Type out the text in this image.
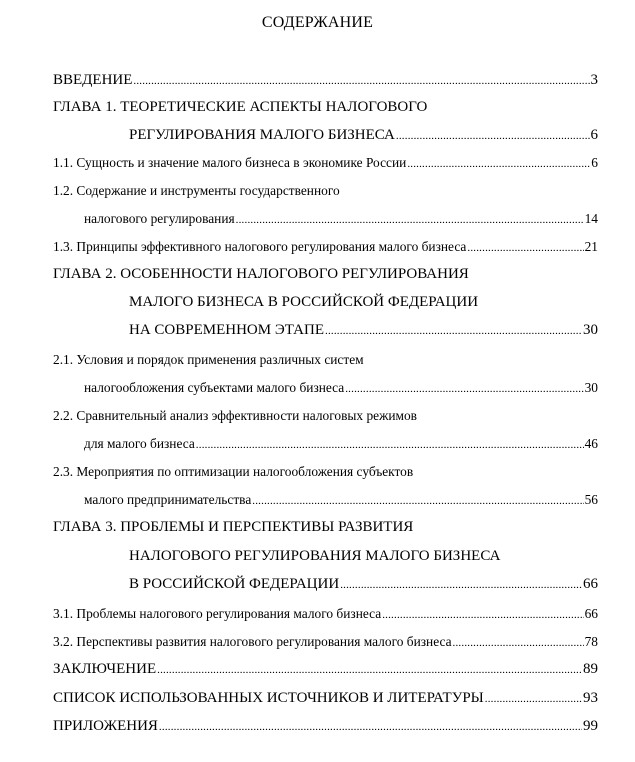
СОДЕРЖАНИЕ
ВВЕДЕНИЕ .....	3
ГЛАВА 1. ТЕОРЕТИЧЕСКИЕ АСПЕКТЫ НАЛОГОВОГО
РЕГУЛИРОВАНИЯ МАЛОГО БИЗНЕСА .....	6
1.1. Сущность и значение малого бизнеса в экономике России .....	6
1.2. Содержание и инструменты государственного
налогового регулирования .....	14
1.3. Принципы эффективного налогового регулирования малого бизнеса .....	21
ГЛАВА 2. ОСОБЕННОСТИ НАЛОГОВОГО РЕГУЛИРОВАНИЯ
МАЛОГО БИЗНЕСА В РОССИЙСКОЙ ФЕДЕРАЦИИ
НА СОВРЕМЕННОМ ЭТАПЕ .....	30
2.1. Условия и порядок применения различных систем
налогообложения субъектами малого бизнеса .....	30
2.2. Сравнительный анализ эффективности налоговых режимов
для малого бизнеса .....	46
2.3. Мероприятия по оптимизации налогообложения субъектов
малого предпринимательства .....	56
ГЛАВА 3. ПРОБЛЕМЫ И ПЕРСПЕКТИВЫ РАЗВИТИЯ
НАЛОГОВОГО РЕГУЛИРОВАНИЯ МАЛОГО БИЗНЕСА
В РОССИЙСКОЙ ФЕДЕРАЦИИ .....	66
3.1. Проблемы налогового регулирования малого бизнеса .....	66
3.2. Перспективы развития налогового регулирования малого бизнеса .....	78
ЗАКЛЮЧЕНИЕ .....	89
СПИСОК ИСПОЛЬЗОВАННЫХ ИСТОЧНИКОВ И ЛИТЕРАТУРЫ .....	93
ПРИЛОЖЕНИЯ .....	99
